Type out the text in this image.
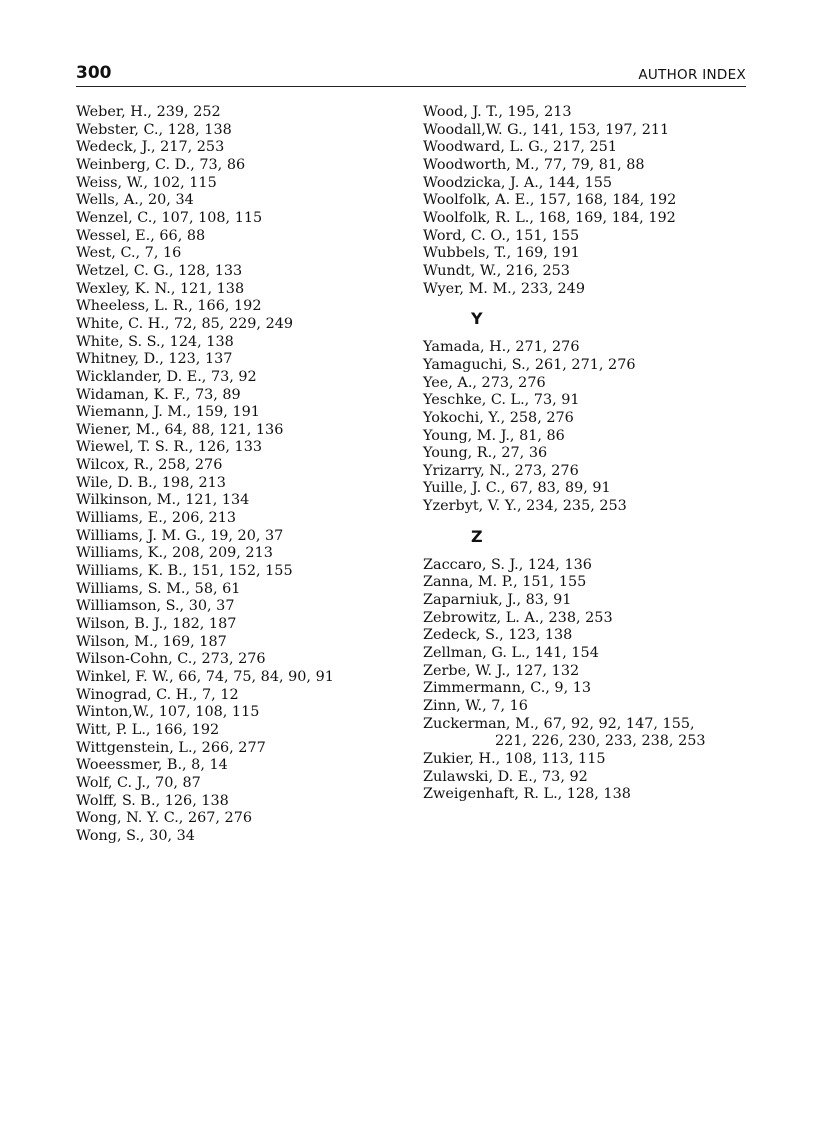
300	AUTHOR INDEX
Weber, H., 239, 252
Webster, C., 128, 138
Wedeck, J., 217, 253
Weinberg, C. D., 73, 86
Weiss, W., 102, 115
Wells, A., 20, 34
Wenzel, C., 107, 108, 115
Wessel, E., 66, 88
West, C., 7, 16
Wetzel, C. G., 128, 133
Wexley, K. N., 121, 138
Wheeless, L. R., 166, 192
White, C. H., 72, 85, 229, 249
White, S. S., 124, 138
Whitney, D., 123, 137
Wicklander, D. E., 73, 92
Widaman, K. F., 73, 89
Wiemann, J. M., 159, 191
Wiener, M., 64, 88, 121, 136
Wiewel, T. S. R., 126, 133
Wilcox, R., 258, 276
Wile, D. B., 198, 213
Wilkinson, M., 121, 134
Williams, E., 206, 213
Williams, J. M. G., 19, 20, 37
Williams, K., 208, 209, 213
Williams, K. B., 151, 152, 155
Williams, S. M., 58, 61
Williamson, S., 30, 37
Wilson, B. J., 182, 187
Wilson, M., 169, 187
Wilson-Cohn, C., 273, 276
Winkel, F. W., 66, 74, 75, 84, 90, 91
Winograd, C. H., 7, 12
Winton,W., 107, 108, 115
Witt, P. L., 166, 192
Wittgenstein, L., 266, 277
Woeessmer, B., 8, 14
Wolf, C. J., 70, 87
Wolff, S. B., 126, 138
Wong, N. Y. C., 267, 276
Wong, S., 30, 34
Wood, J. T., 195, 213
Woodall,W. G., 141, 153, 197, 211
Woodward, L. G., 217, 251
Woodworth, M., 77, 79, 81, 88
Woodzicka, J. A., 144, 155
Woolfolk, A. E., 157, 168, 184, 192
Woolfolk, R. L., 168, 169, 184, 192
Word, C. O., 151, 155
Wubbels, T., 169, 191
Wundt, W., 216, 253
Wyer, M. M., 233, 249
Y
Yamada, H., 271, 276
Yamaguchi, S., 261, 271, 276
Yee, A., 273, 276
Yeschke, C. L., 73, 91
Yokochi, Y., 258, 276
Young, M. J., 81, 86
Young, R., 27, 36
Yrizarry, N., 273, 276
Yuille, J. C., 67, 83, 89, 91
Yzerbyt, V. Y., 234, 235, 253
Z
Zaccaro, S. J., 124, 136
Zanna, M. P., 151, 155
Zaparniuk, J., 83, 91
Zebrowitz, L. A., 238, 253
Zedeck, S., 123, 138
Zellman, G. L., 141, 154
Zerbe, W. J., 127, 132
Zimmermann, C., 9, 13
Zinn, W., 7, 16
Zuckerman, M., 67, 92, 92, 147, 155,
221, 226, 230, 233, 238, 253
Zukier, H., 108, 113, 115
Zulawski, D. E., 73, 92
Zweigenhaft, R. L., 128, 138
